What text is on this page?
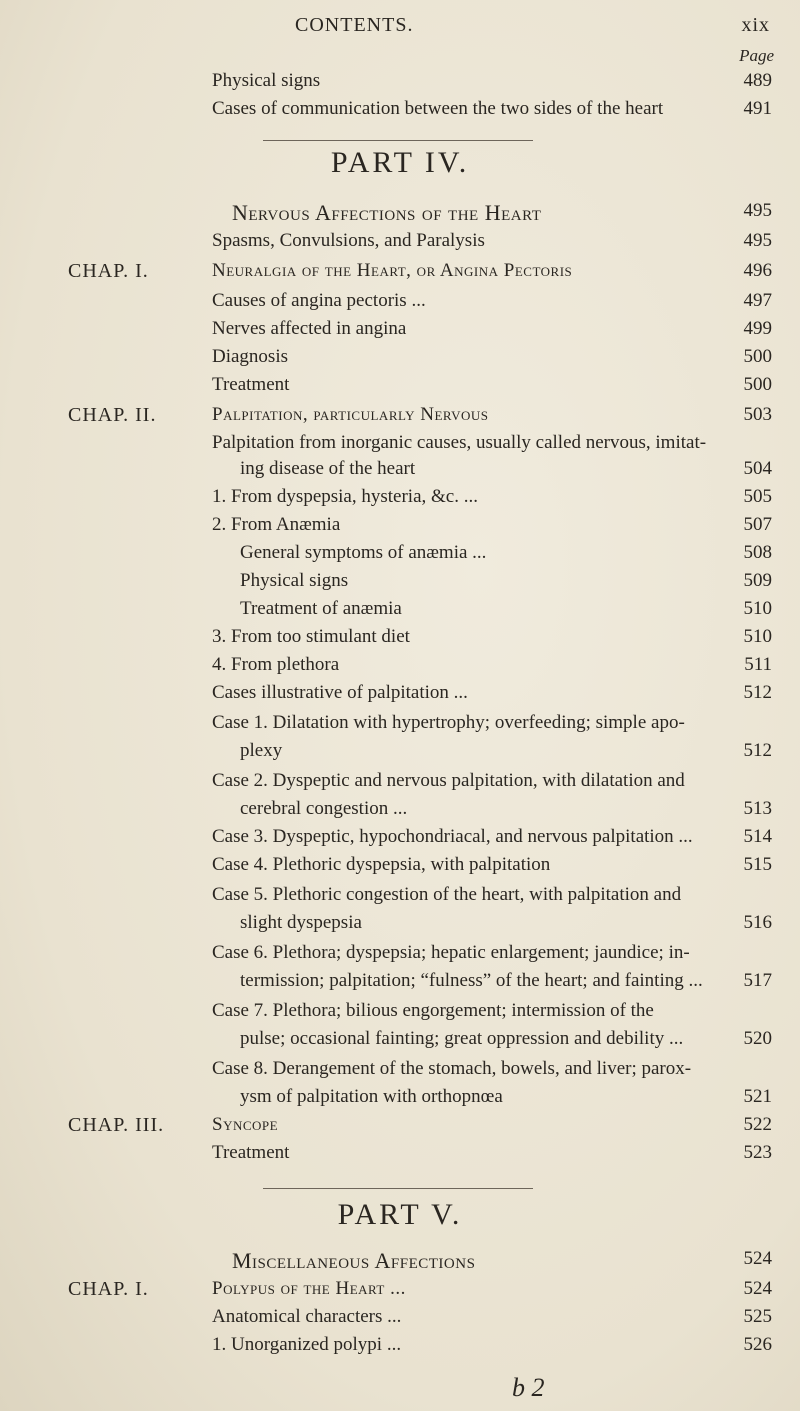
CONTENTS.	xix
Page
Physical signs	489
Cases of communication between the two sides of the heart	491
PART IV.
Nervous Affections of the Heart	495
Spasms, Convulsions, and Paralysis	495
CHAP. I.	Neuralgia of the Heart, or Angina Pectoris	496
Causes of angina pectoris ...	497
Nerves affected in angina	499
Diagnosis	500
Treatment	500
CHAP. II.	Palpitation, particularly Nervous	503
Palpitation from inorganic causes, usually called nervous, imitat-
ing disease of the heart	504
1. From dyspepsia, hysteria, &c. ...	505
2. From Anæmia	507
General symptoms of anæmia ...	508
Physical signs	509
Treatment of anæmia	510
3. From too stimulant diet	510
4. From plethora	511
Cases illustrative of palpitation ...	512
Case 1. Dilatation with hypertrophy; overfeeding; simple apo-
plexy	512
Case 2. Dyspeptic and nervous palpitation, with dilatation and
cerebral congestion ...	513
Case 3. Dyspeptic, hypochondriacal, and nervous palpitation ...	514
Case 4. Plethoric dyspepsia, with palpitation	515
Case 5. Plethoric congestion of the heart, with palpitation and
slight dyspepsia	516
Case 6. Plethora; dyspepsia; hepatic enlargement; jaundice; in-
termission; palpitation; “fulness” of the heart; and fainting ...	517
Case 7. Plethora; bilious engorgement; intermission of the
pulse; occasional fainting; great oppression and debility ...	520
Case 8. Derangement of the stomach, bowels, and liver; parox-
ysm of palpitation with orthopnœa	521
CHAP. III.	Syncope	522
Treatment	523
PART V.
Miscellaneous Affections	524
CHAP. I.	Polypus of the Heart ...	524
Anatomical characters ...	525
1. Unorganized polypi ...	526
b 2
